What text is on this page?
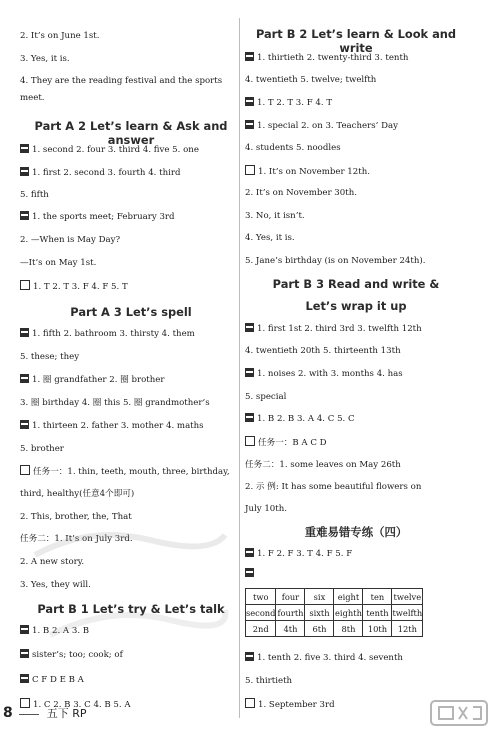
2. It’s on June 1st.
3. Yes, it is.
4. They are the reading festival and the sports
meet.
Part A 2 Let’s learn & Ask and answer
1. second 2. four 3. third 4. five 5. one
1. first 2. second 3. fourth 4. third
5. fifth
1. the sports meet; February 3rd
2. —When is May Day?
—It’s on May 1st.
1. T 2. T 3. F 4. F 5. T
Part A 3 Let’s spell
1. fifth 2. bathroom 3. thirsty 4. them
5. these; they
1. 圈 grandfather 2. 圈 brother
3. 圈 birthday 4. 圈 this 5. 圈 grandmother’s
1. thirteen 2. father 3. mother 4. maths
5. brother
任务一：1. thin, teeth, mouth, three, birthday,
third, healthy(任意4个即可)
2. This, brother, the, That
任务二：1. It’s on July 3rd.
2. A new story.
3. Yes, they will.
Part B 1 Let’s try & Let’s talk
1. B 2. A 3. B
sister’s; too; cook; of
C F D E B A
1. C 2. B 3. C 4. B 5. A
Part B 2 Let’s learn & Look and write
1. thirtieth 2. twenty-third 3. tenth
4. twentieth 5. twelve; twelfth
1. T 2. T 3. F 4. T
1. special 2. on 3. Teachers’ Day
4. students 5. noodles
1. It’s on November 12th.
2. It’s on November 30th.
3. No, it isn’t.
4. Yes, it is.
5. Jane’s birthday (is on November 24th).
Part B 3 Read and write &
Let’s wrap it up
1. first 1st 2. third 3rd 3. twelfth 12th
4. twentieth 20th 5. thirteenth 13th
1. noises 2. with 3. months 4. has
5. special
1. B 2. B 3. A 4. C 5. C
任务一：B A C D
任务二：1. some leaves on May 26th
2. 示 例: It has some beautiful flowers on
July 10th.
重难易错专练（四）
1. F 2. F 3. T 4. F 5. F
two	four	six	eight	ten	twelve
second	fourth	sixth	eighth	tenth	twelfth
2nd	4th	6th	8th	10th	12th
1. tenth 2. five 3. third 4. seventh
5. thirtieth
1. September 3rd
8	五下 RP
